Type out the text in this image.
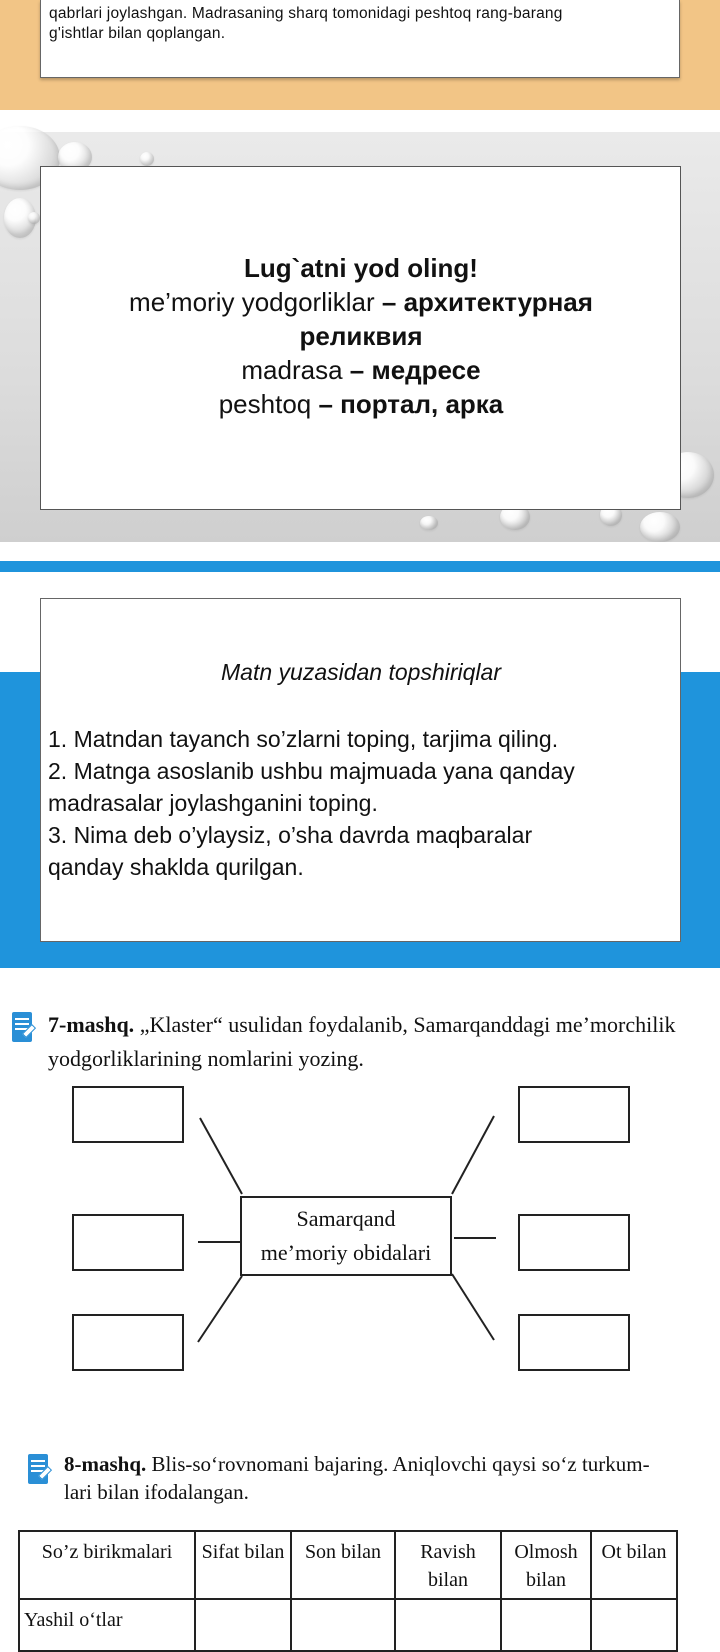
qabrlari joylashgan. Madrasaning sharq tomonidagi peshtoq rang-barang
g'ishtlar bilan qoplangan.
Lug`atni yod oling!
me’moriy yodgorliklar – архитектурная
реликвия
madrasa – медресе
peshtoq – портал, арка
Matn yuzasidan topshiriqlar
1. Matndan tayanch so’zlarni toping, tarjima qiling.
2. Matnga asoslanib ushbu majmuada yana qanday
madrasalar joylashganini toping.
3. Nima deb o’ylaysiz, o’sha davrda maqbaralar
qanday shaklda qurilgan.
7-mashq. „Klaster“ usulidan foydalanib, Samarqanddagi me’morchilik
yodgorliklarining nomlarini yozing.
Samarqand
me’moriy obidalari
8-mashq. Blis-so‘rovnomani bajaring. Aniqlovchi qaysi so‘z turkum-
lari bilan ifodalangan.
So’z birikmalari	Sifat bilan	Son bilan	Ravish bilan	Olmosh bilan	Ot bilan
Yashil o‘tlar					
